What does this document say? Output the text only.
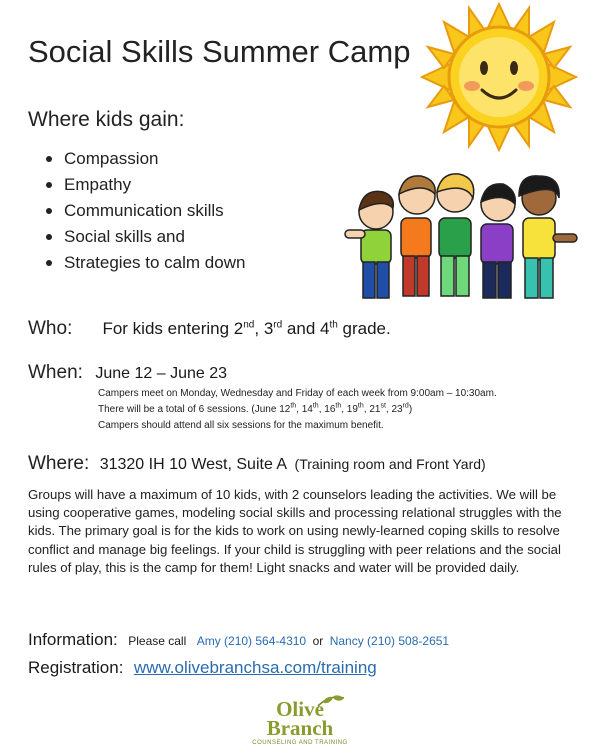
Social Skills Summer Camp
Where kids gain:
Compassion
Empathy
Communication skills
Social skills and
Strategies to calm down
Who: For kids entering 2nd, 3rd and 4th grade.
When: June 12 – June 23
Campers meet on Monday, Wednesday and Friday of each week from 9:00am – 10:30am.
There will be a total of 6 sessions. (June 12th, 14th, 16th, 19th, 21st, 23rd)
Campers should attend all six sessions for the maximum benefit.
Where: 31320 IH 10 West, Suite A (Training room and Front Yard)
Groups will have a maximum of 10 kids, with 2 counselors leading the activities. We will be using cooperative games, modeling social skills and processing relational struggles with the kids. The primary goal is for the kids to work on using newly-learned coping skills to resolve conflict and manage big feelings. If your child is struggling with peer relations and the social rules of play, this is the camp for them! Light snacks and water will be provided daily.
Information: Please call Amy (210) 564-4310 or Nancy (210) 508-2651
Registration: www.olivebranchsa.com/training
Olive
Branch
COUNSELING AND TRAINING
